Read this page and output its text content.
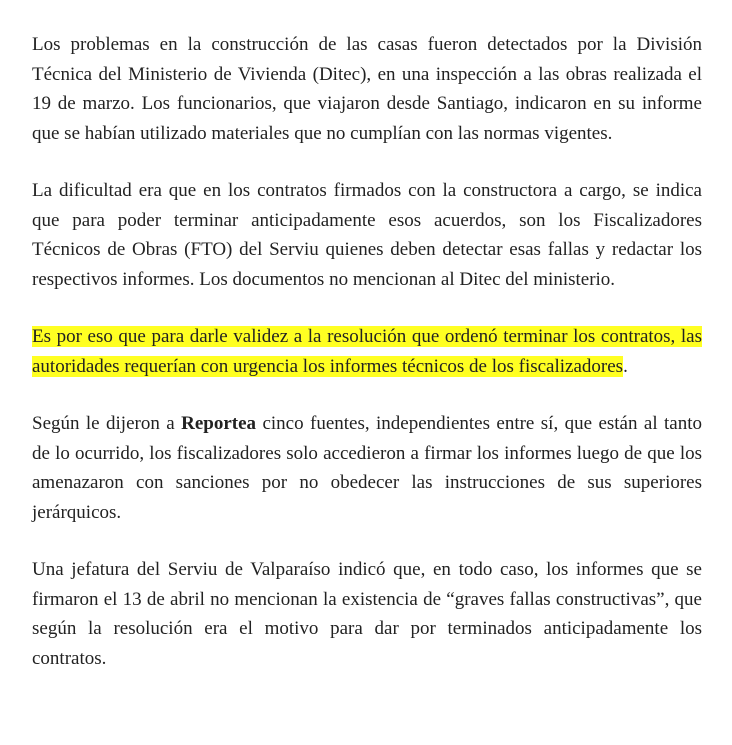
Los problemas en la construcción de las casas fueron detectados por la División Técnica del Ministerio de Vivienda (Ditec), en una inspección a las obras realizada el 19 de marzo. Los funcionarios, que viajaron desde Santiago, indicaron en su informe que se habían utilizado materiales que no cumplían con las normas vigentes.

La dificultad era que en los contratos firmados con la constructora a cargo, se indica que para poder terminar anticipadamente esos acuerdos, son los Fiscalizadores Técnicos de Obras (FTO) del Serviu quienes deben detectar esas fallas y redactar los respectivos informes. Los documentos no mencionan al Ditec del ministerio.

Es por eso que para darle validez a la resolución que ordenó terminar los contratos, las autoridades requerían con urgencia los informes técnicos de los fiscalizadores.

Según le dijeron a Reportea cinco fuentes, independientes entre sí, que están al tanto de lo ocurrido, los fiscalizadores solo accedieron a firmar los informes luego de que los amenazaron con sanciones por no obedecer las instrucciones de sus superiores jerárquicos.

Una jefatura del Serviu de Valparaíso indicó que, en todo caso, los informes que se firmaron el 13 de abril no mencionan la existencia de “graves fallas constructivas”, que según la resolución era el motivo para dar por terminados anticipadamente los contratos.
